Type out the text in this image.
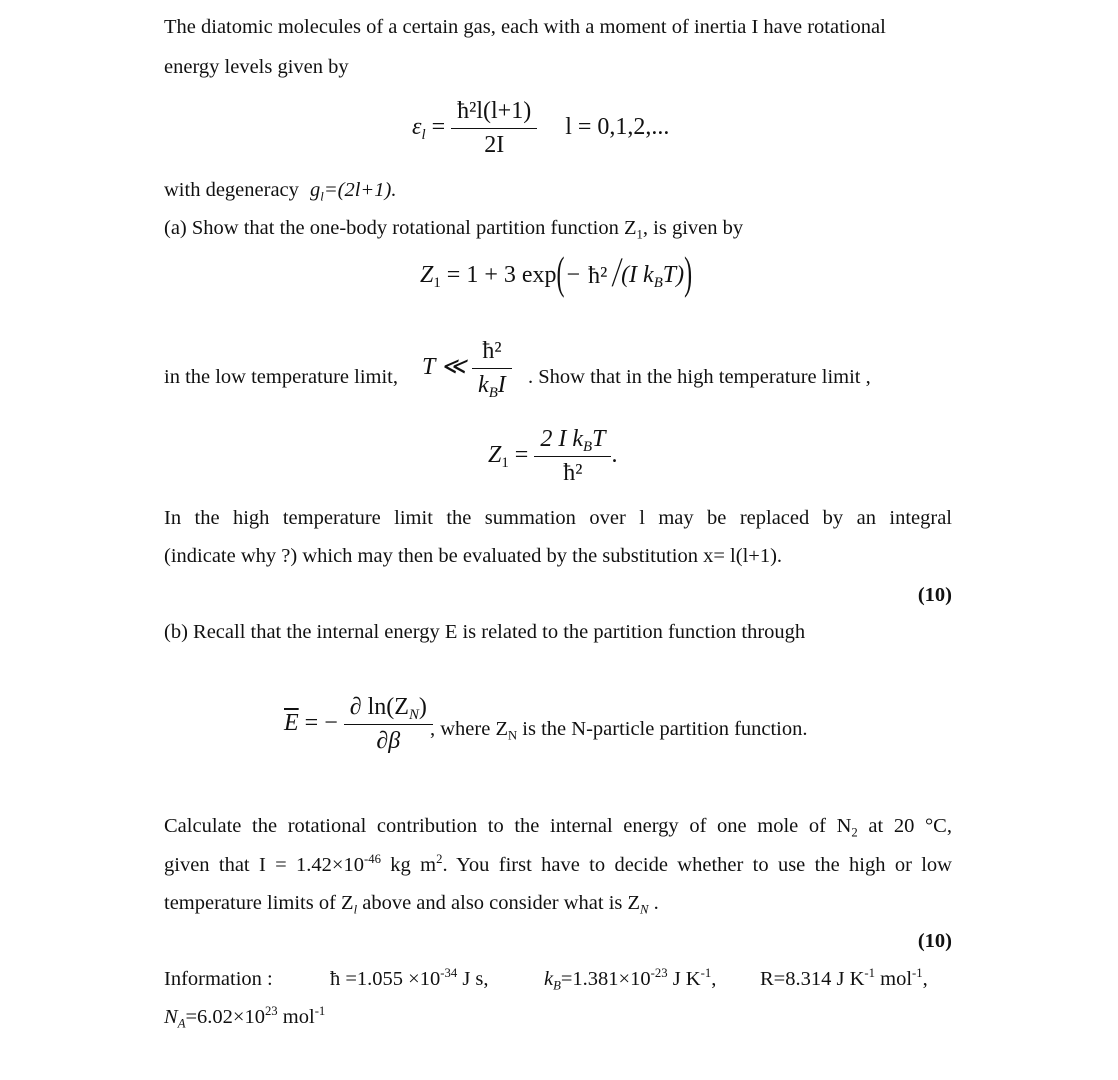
The diatomic molecules of a certain gas, each with a moment of inertia I have rotational
energy levels given by
$\varepsilon_l = \frac{\text{ħ²l(l+1)}}{2I}$ l = 0,1,2,...
with degeneracy $g_l=(2l+1)$.
(a) Show that the one-body rotational partition function $Z_1$, is given by
$Z_1 = 1 + 3$ exp(− ħ² /(I $k_BT$))
in the low temperature limit, T ≪ $\frac{\text{ħ²}}{k_BI}$ . Show that in the high temperature limit ,
$Z_1 = \frac{2 I k_BT}{\text{ħ²}}$ .
In the high temperature limit the summation over l may be replaced by an integral
(indicate why ?) which may then be evaluated by the substitution x= l(l+1).
(10)
(b) Recall that the internal energy E is related to the partition function through
$\overline{E}$ = − $\frac{\partial \ln(Z_N)}{\partial\beta}$
, where $Z_N$ is the N-particle partition function.
Calculate the rotational contribution to the internal energy of one mole of $N_2$ at 20 °C,
given that $I = 1.42\times 10^{-46}$ kg $m^2$. You first have to decide whether to use the high or low
temperature limits of $Z_l$ above and also consider what is $Z_N$ .
(10)
Information :	ħ $=1.055 \times 10^{-34}$ J s,	$k_B=1.381\times 10^{-23}$ J $K^{-1}$, R=8.314 J $K^{-1}$ mol$^{-1}$,
$N_A=6.02\times 10^{23}$ mol$^{-1}$
